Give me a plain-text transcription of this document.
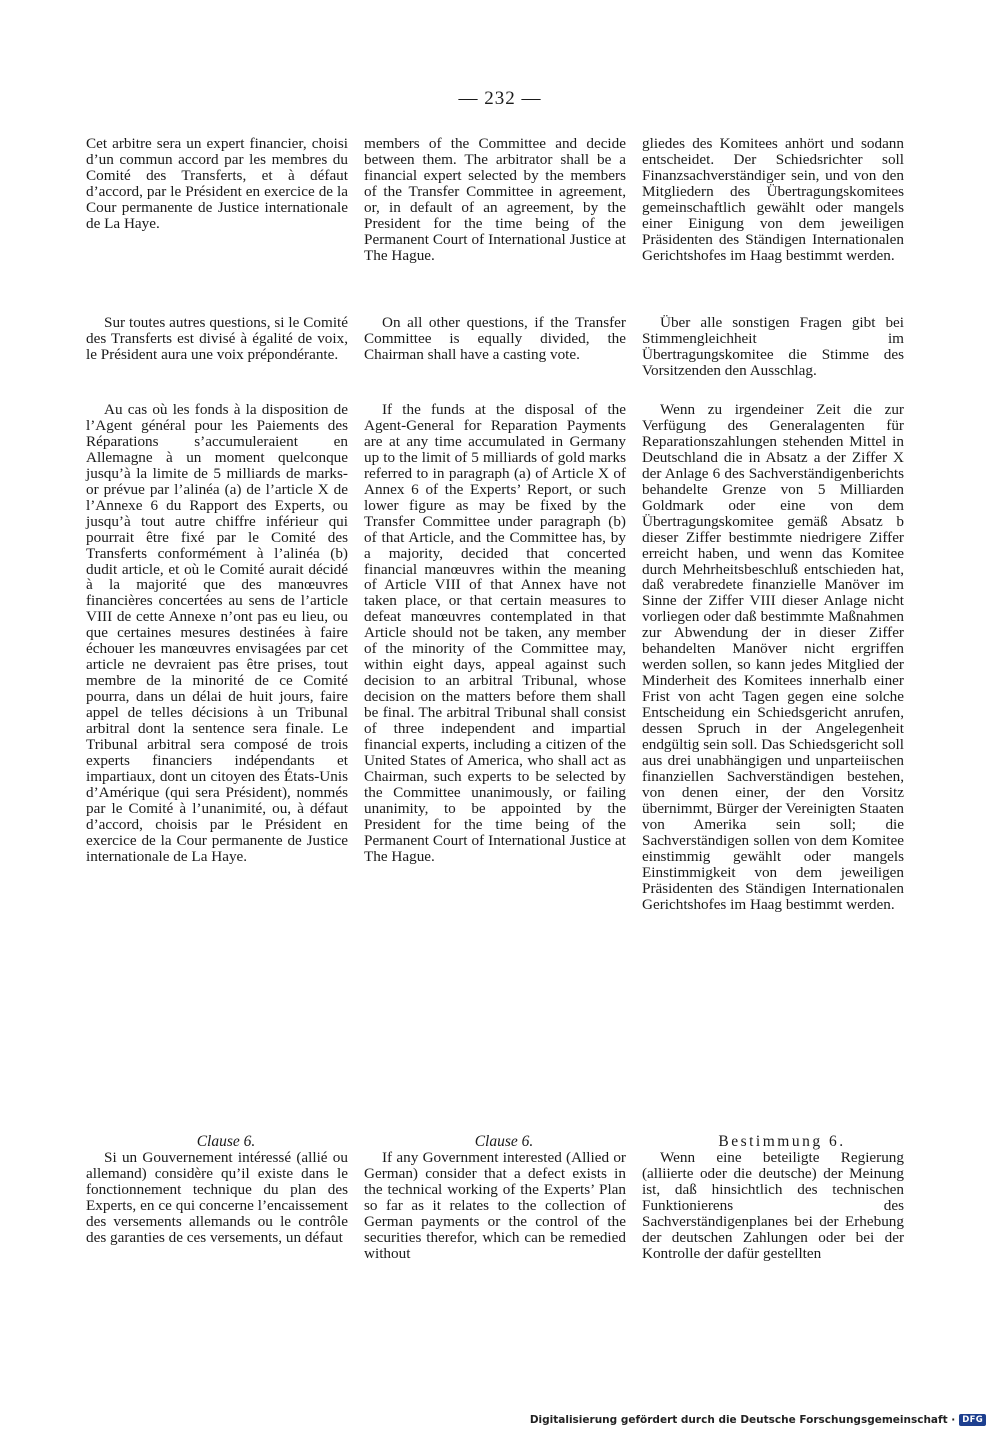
— 232 —

Cet arbitre sera un expert financier, choisi d’un commun accord par les membres du Comité des Transferts, et à défaut d’accord, par le Président en exercice de la Cour permanente de Justice internationale de La Haye.

Sur toutes autres questions, si le Comité des Transferts est divisé à égalité de voix, le Président aura une voix prépondérante.

Au cas où les fonds à la disposition de l’Agent général pour les Paiements des Réparations s’accumuleraient en Allemagne à un moment quelconque jusqu’à la limite de 5 milliards de marks-or prévue par l’alinéa (a) de l’article X de l’Annexe 6 du Rapport des Experts, ou jusqu’à tout autre chiffre inférieur qui pourrait être fixé par le Comité des Transferts conformément à l’alinéa (b) dudit article, et où le Comité aurait décidé à la majorité que des manœuvres financières concertées au sens de l’article VIII de cette Annexe n’ont pas eu lieu, ou que certaines mesures destinées à faire échouer les manœuvres envisagées par cet article ne devraient pas être prises, tout membre de la minorité de ce Comité pourra, dans un délai de huit jours, faire appel de telles décisions à un Tribunal arbitral dont la sentence sera finale. Le Tribunal arbitral sera composé de trois experts financiers indépendants et impartiaux, dont un citoyen des États-Unis d’Amérique (qui sera Président), nommés par le Comité à l’unanimité, ou, à défaut d’accord, choisis par le Président en exercice de la Cour permanente de Justice internationale de La Haye.

Clause 6.

Si un Gouvernement intéressé (allié ou allemand) considère qu’il existe dans le fonctionnement technique du plan des Experts, en ce qui concerne l’encaissement des versements allemands ou le contrôle des garanties de ces versements, un défaut

members of the Committee and decide between them. The arbitrator shall be a financial expert selected by the members of the Transfer Committee in agreement, or, in default of an agreement, by the President for the time being of the Permanent Court of International Justice at The Hague.

On all other questions, if the Transfer Committee is equally divided, the Chairman shall have a casting vote.

If the funds at the disposal of the Agent-General for Reparation Payments are at any time accumulated in Germany up to the limit of 5 milliards of gold marks referred to in paragraph (a) of Article X of Annex 6 of the Experts’ Report, or such lower figure as may be fixed by the Transfer Committee under paragraph (b) of that Article, and the Committee has, by a majority, decided that concerted financial manœuvres within the meaning of Article VIII of that Annex have not taken place, or that certain measures to defeat manœuvres contemplated in that Article should not be taken, any member of the minority of the Committee may, within eight days, appeal against such decision to an arbitral Tribunal, whose decision on the matters before them shall be final. The arbitral Tribunal shall consist of three independent and impartial financial experts, including a citizen of the United States of America, who shall act as Chairman, such experts to be selected by the Committee unanimously, or failing unanimity, to be appointed by the President for the time being of the Permanent Court of International Justice at The Hague.

Clause 6.

If any Government interested (Allied or German) consider that a defect exists in the technical working of the Experts’ Plan so far as it relates to the collection of German payments or the control of the securities therefor, which can be remedied without

gliedes des Komitees anhört und sodann entscheidet. Der Schiedsrichter soll Finanzsachverständiger sein, und von den Mitgliedern des Übertragungskomitees gemeinschaftlich gewählt oder mangels einer Einigung von dem jeweiligen Präsidenten des Ständigen Internationalen Gerichtshofes im Haag bestimmt werden.

Über alle sonstigen Fragen gibt bei Stimmengleichheit im Übertragungskomitee die Stimme des Vorsitzenden den Ausschlag.

Wenn zu irgendeiner Zeit die zur Verfügung des Generalagenten für Reparationszahlungen stehenden Mittel in Deutschland die in Absatz a der Ziffer X der Anlage 6 des Sachverständigenberichts behandelte Grenze von 5 Milliarden Goldmark oder eine von dem Übertragungskomitee gemäß Absatz b dieser Ziffer bestimmte niedrigere Ziffer erreicht haben, und wenn das Komitee durch Mehrheitsbeschluß entschieden hat, daß verabredete finanzielle Manöver im Sinne der Ziffer VIII dieser Anlage nicht vorliegen oder daß bestimmte Maßnahmen zur Abwendung der in dieser Ziffer behandelten Manöver nicht ergriffen werden sollen, so kann jedes Mitglied der Minderheit des Komitees innerhalb einer Frist von acht Tagen gegen eine solche Entscheidung ein Schiedsgericht anrufen, dessen Spruch in der Angelegenheit endgültig sein soll. Das Schiedsgericht soll aus drei unabhängigen und unparteiischen finanziellen Sachverständigen bestehen, von denen einer, der den Vorsitz übernimmt, Bürger der Vereinigten Staaten von Amerika sein soll; die Sachverständigen sollen von dem Komitee einstimmig gewählt oder mangels Einstimmigkeit von dem jeweiligen Präsidenten des Ständigen Internationalen Gerichtshofes im Haag bestimmt werden.

Bestimmung 6.

Wenn eine beteiligte Regierung (alliierte oder die deutsche) der Meinung ist, daß hinsichtlich des technischen Funktionierens des Sachverständigenplanes bei der Erhebung der deutschen Zahlungen oder bei der Kontrolle der dafür gestellten

Digitalisierung gefördert durch die Deutsche Forschungsgemeinschaft · DFG
